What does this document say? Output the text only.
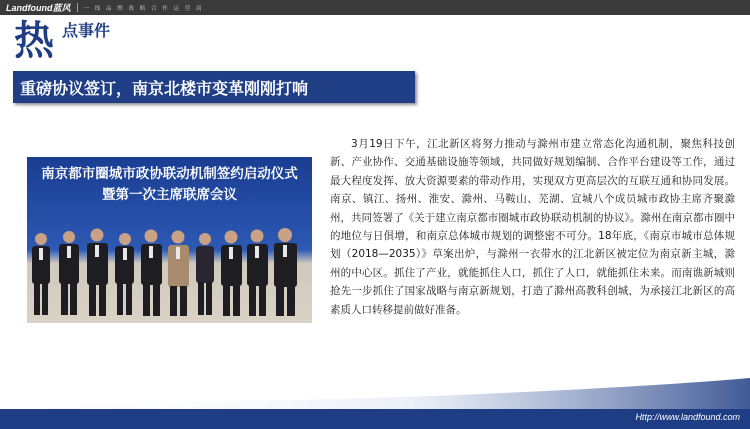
Landfound蓝风 一 线 品 牌 战 略 合 作 运 营 商
热 点事件
重磅协议签订，南京北楼市变革刚刚打响
南京都市圈城市政协联动机制签约启动仪式
暨第一次主席联席会议

3月19日下午，江北新区将努力推动与滁州市建立常态化沟通机制，聚焦科技创新、产业协作、交通基础设施等领域，共同做好规划编制、合作平台建设等工作，通过最大程度发挥、放大资源要素的带动作用，实现双方更高层次的互联互通和协同发展。南京、镇江、扬州、淮安、滁州、马鞍山、芜湖、宣城八个成员城市政协主席齐聚滁州，共同签署了《关于建立南京都市圈城市政协联动机制的协议》。滁州在南京都市圈中的地位与日俱增，和南京总体城市规划的调整密不可分。18年底，《南京市城市总体规划（2018—2035）》草案出炉，与滁州一衣带水的江北新区被定位为南京新主城，滁州的中心区。抓住了产业，就能抓住人口，抓住了人口，就能抓住未来。而南谯新城则抢先一步抓住了国家战略与南京新规划，打造了滁州高教科创城，为承接江北新区的高素质人口转移提前做好准备。

Http://www.landfound.com
